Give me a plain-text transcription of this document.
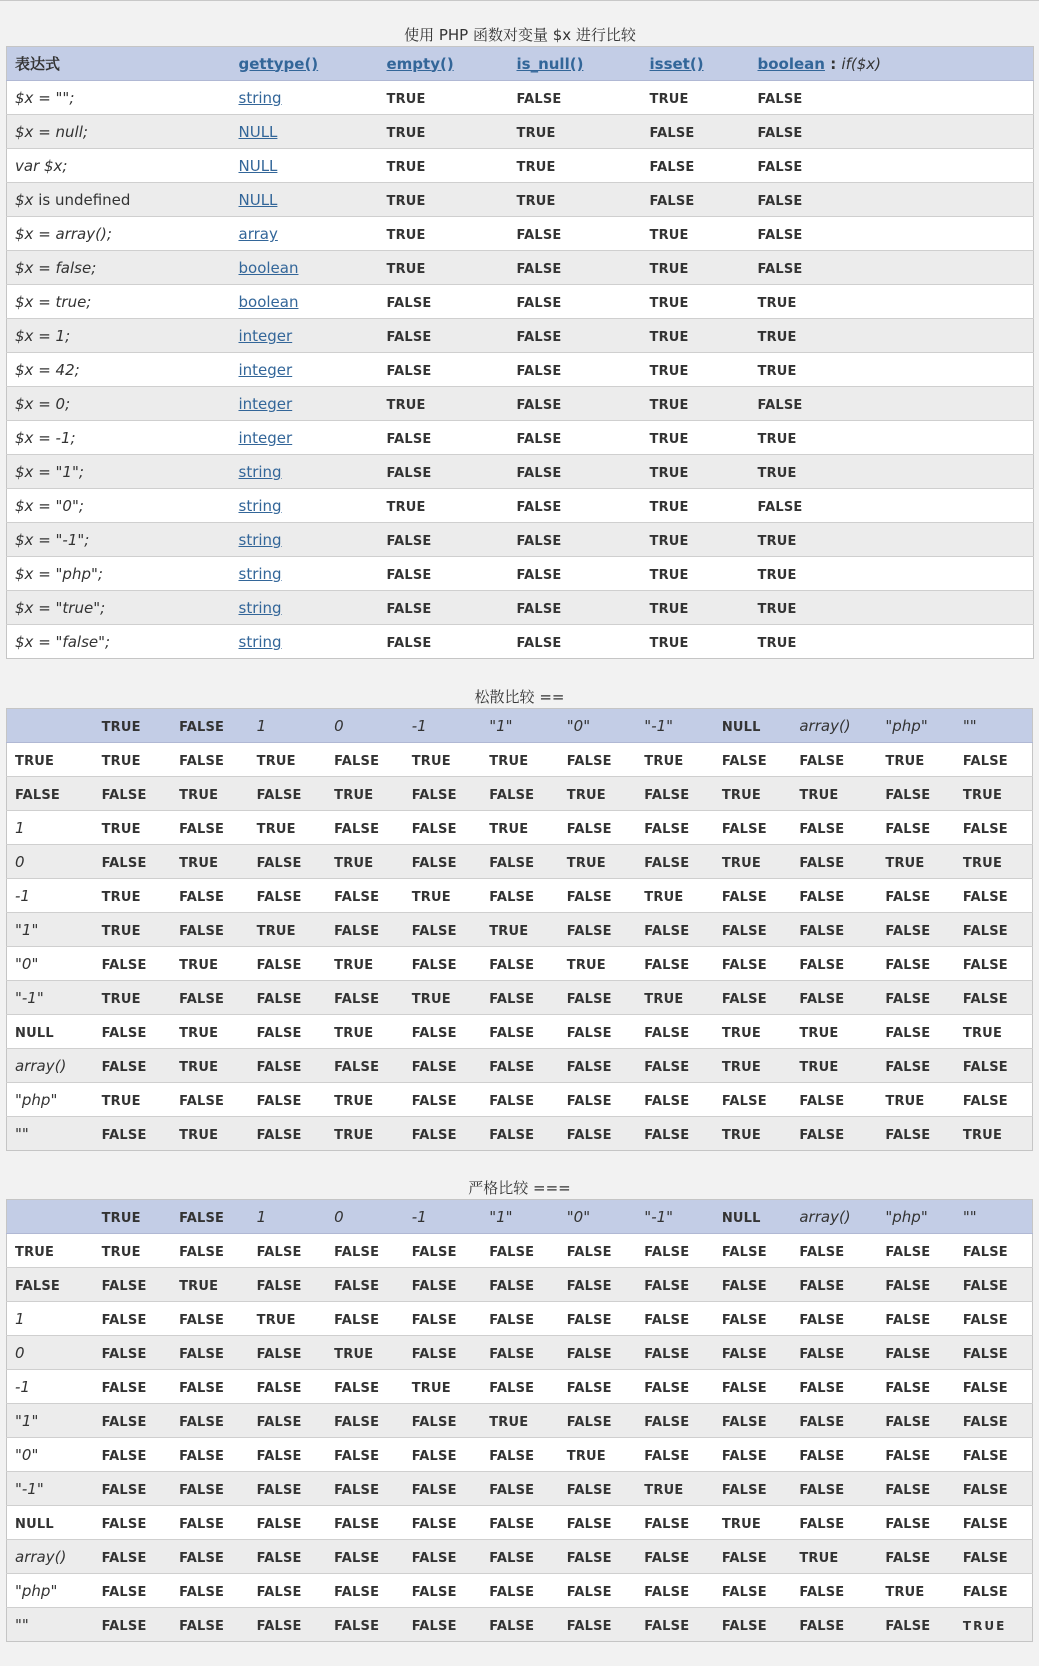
使用 PHP 函数对变量 $x 进行比较
表达式	gettype()	empty()	is_null()	isset()	boolean : if($x)
$x = "";	string	TRUE	FALSE	TRUE	FALSE
$x = null;	NULL	TRUE	TRUE	FALSE	FALSE
var $x;	NULL	TRUE	TRUE	FALSE	FALSE
$x is undefined	NULL	TRUE	TRUE	FALSE	FALSE
$x = array();	array	TRUE	FALSE	TRUE	FALSE
$x = false;	boolean	TRUE	FALSE	TRUE	FALSE
$x = true;	boolean	FALSE	FALSE	TRUE	TRUE
$x = 1;	integer	FALSE	FALSE	TRUE	TRUE
$x = 42;	integer	FALSE	FALSE	TRUE	TRUE
$x = 0;	integer	TRUE	FALSE	TRUE	FALSE
$x = -1;	integer	FALSE	FALSE	TRUE	TRUE
$x = "1";	string	FALSE	FALSE	TRUE	TRUE
$x = "0";	string	TRUE	FALSE	TRUE	FALSE
$x = "-1";	string	FALSE	FALSE	TRUE	TRUE
$x = "php";	string	FALSE	FALSE	TRUE	TRUE
$x = "true";	string	FALSE	FALSE	TRUE	TRUE
$x = "false";	string	FALSE	FALSE	TRUE	TRUE
松散比较 ==
	TRUE	FALSE	1	0	-1	"1"	"0"	"-1"	NULL	array()	"php"	""
TRUE	TRUE	FALSE	TRUE	FALSE	TRUE	TRUE	FALSE	TRUE	FALSE	FALSE	TRUE	FALSE
FALSE	FALSE	TRUE	FALSE	TRUE	FALSE	FALSE	TRUE	FALSE	TRUE	TRUE	FALSE	TRUE
1	TRUE	FALSE	TRUE	FALSE	FALSE	TRUE	FALSE	FALSE	FALSE	FALSE	FALSE	FALSE
0	FALSE	TRUE	FALSE	TRUE	FALSE	FALSE	TRUE	FALSE	TRUE	FALSE	TRUE	TRUE
-1	TRUE	FALSE	FALSE	FALSE	TRUE	FALSE	FALSE	TRUE	FALSE	FALSE	FALSE	FALSE
"1"	TRUE	FALSE	TRUE	FALSE	FALSE	TRUE	FALSE	FALSE	FALSE	FALSE	FALSE	FALSE
"0"	FALSE	TRUE	FALSE	TRUE	FALSE	FALSE	TRUE	FALSE	FALSE	FALSE	FALSE	FALSE
"-1"	TRUE	FALSE	FALSE	FALSE	TRUE	FALSE	FALSE	TRUE	FALSE	FALSE	FALSE	FALSE
NULL	FALSE	TRUE	FALSE	TRUE	FALSE	FALSE	FALSE	FALSE	TRUE	TRUE	FALSE	TRUE
array()	FALSE	TRUE	FALSE	FALSE	FALSE	FALSE	FALSE	FALSE	TRUE	TRUE	FALSE	FALSE
"php"	TRUE	FALSE	FALSE	TRUE	FALSE	FALSE	FALSE	FALSE	FALSE	FALSE	TRUE	FALSE
""	FALSE	TRUE	FALSE	TRUE	FALSE	FALSE	FALSE	FALSE	TRUE	FALSE	FALSE	TRUE
严格比较 ===
	TRUE	FALSE	1	0	-1	"1"	"0"	"-1"	NULL	array()	"php"	""
TRUE	TRUE	FALSE	FALSE	FALSE	FALSE	FALSE	FALSE	FALSE	FALSE	FALSE	FALSE	FALSE
FALSE	FALSE	TRUE	FALSE	FALSE	FALSE	FALSE	FALSE	FALSE	FALSE	FALSE	FALSE	FALSE
1	FALSE	FALSE	TRUE	FALSE	FALSE	FALSE	FALSE	FALSE	FALSE	FALSE	FALSE	FALSE
0	FALSE	FALSE	FALSE	TRUE	FALSE	FALSE	FALSE	FALSE	FALSE	FALSE	FALSE	FALSE
-1	FALSE	FALSE	FALSE	FALSE	TRUE	FALSE	FALSE	FALSE	FALSE	FALSE	FALSE	FALSE
"1"	FALSE	FALSE	FALSE	FALSE	FALSE	TRUE	FALSE	FALSE	FALSE	FALSE	FALSE	FALSE
"0"	FALSE	FALSE	FALSE	FALSE	FALSE	FALSE	TRUE	FALSE	FALSE	FALSE	FALSE	FALSE
"-1"	FALSE	FALSE	FALSE	FALSE	FALSE	FALSE	FALSE	TRUE	FALSE	FALSE	FALSE	FALSE
NULL	FALSE	FALSE	FALSE	FALSE	FALSE	FALSE	FALSE	FALSE	TRUE	FALSE	FALSE	FALSE
array()	FALSE	FALSE	FALSE	FALSE	FALSE	FALSE	FALSE	FALSE	FALSE	TRUE	FALSE	FALSE
"php"	FALSE	FALSE	FALSE	FALSE	FALSE	FALSE	FALSE	FALSE	FALSE	FALSE	TRUE	FALSE
""	FALSE	FALSE	FALSE	FALSE	FALSE	FALSE	FALSE	FALSE	FALSE	FALSE	FALSE	TRUE
